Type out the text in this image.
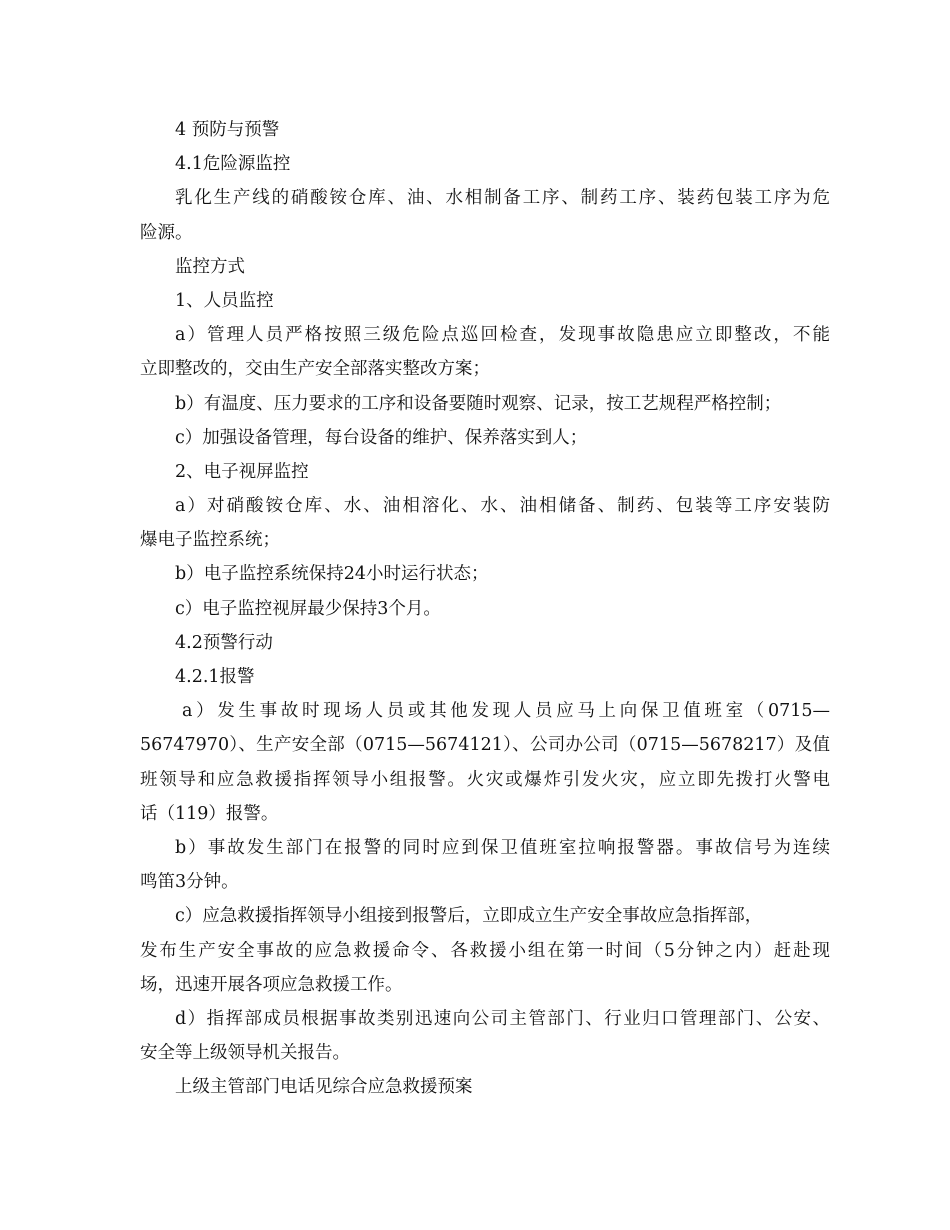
4 预防与预警
4.1危险源监控
乳化生产线的硝酸铵仓库、油、水相制备工序、制药工序、装药包装工序为危
险源。
监控方式
1、人员监控
a）管理人员严格按照三级危险点巡回检查，发现事故隐患应立即整改，不能
立即整改的，交由生产安全部落实整改方案；
b）有温度、压力要求的工序和设备要随时观察、记录，按工艺规程严格控制；
c）加强设备管理，每台设备的维护、保养落实到人；
2、电子视屏监控
a）对硝酸铵仓库、水、油相溶化、水、油相储备、制药、包装等工序安装防
爆电子监控系统；
b）电子监控系统保持24小时运行状态；
c）电子监控视屏最少保持3个月。
4.2预警行动
4.2.1报警
a）发生事故时现场人员或其他发现人员应马上向保卫值班室（0715—
56747970）、生产安全部（0715—5674121）、公司办公司（0715—5678217）及值
班领导和应急救援指挥领导小组报警。火灾或爆炸引发火灾，应立即先拨打火警电
话（119）报警。
b）事故发生部门在报警的同时应到保卫值班室拉响报警器。事故信号为连续
鸣笛3分钟。
c）应急救援指挥领导小组接到报警后，立即成立生产安全事故应急指挥部，
发布生产安全事故的应急救援命令、各救援小组在第一时间（5分钟之内）赶赴现
场，迅速开展各项应急救援工作。
d）指挥部成员根据事故类别迅速向公司主管部门、行业归口管理部门、公安、
安全等上级领导机关报告。
上级主管部门电话见综合应急救援预案
